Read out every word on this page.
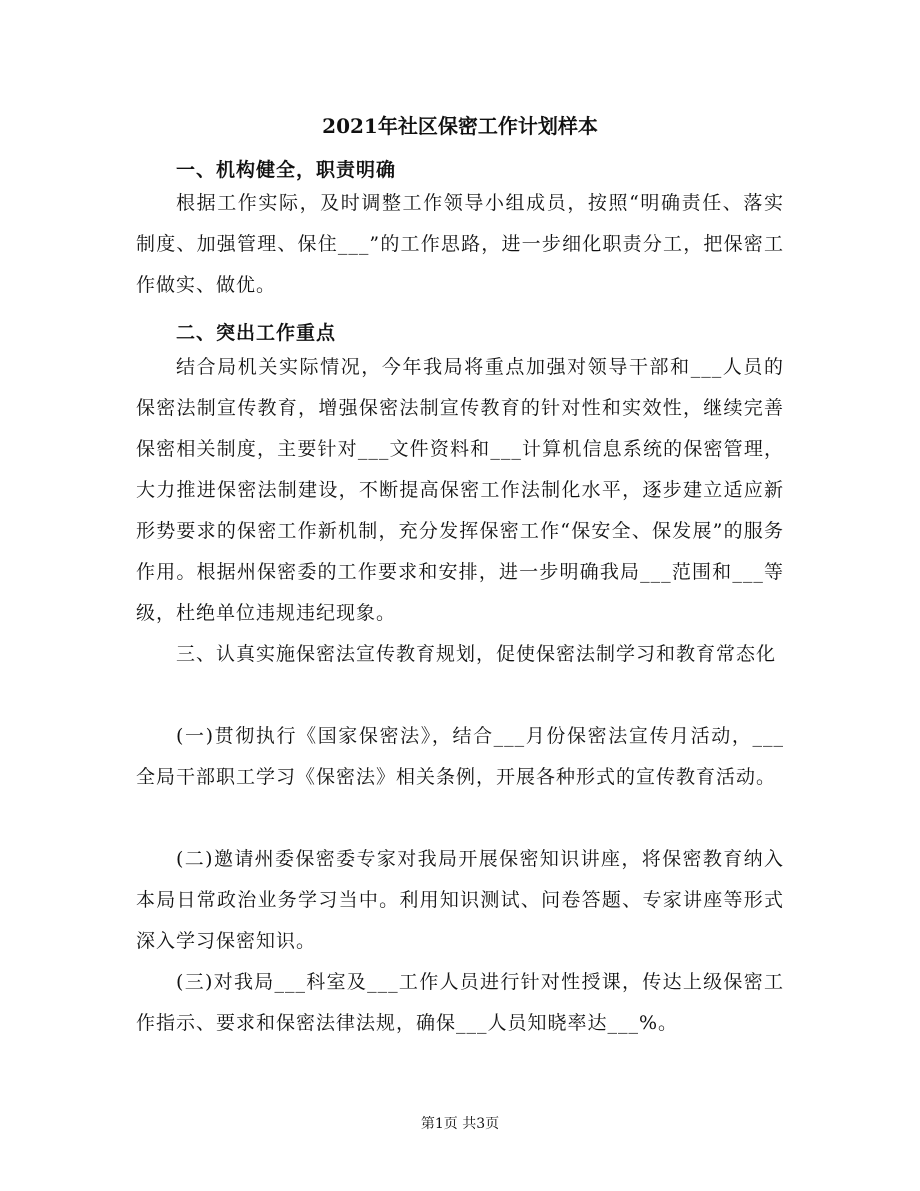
2021年社区保密工作计划样本
一、机构健全，职责明确

根据工作实际，及时调整工作领导小组成员，按照“明确责任、落实制度、加强管理、保住___”的工作思路，进一步细化职责分工，把保密工作做实、做优。

二、突出工作重点

结合局机关实际情况，今年我局将重点加强对领导干部和___人员的保密法制宣传教育，增强保密法制宣传教育的针对性和实效性，继续完善保密相关制度，主要针对___文件资料和___计算机信息系统的保密管理，大力推进保密法制建设，不断提高保密工作法制化水平，逐步建立适应新形势要求的保密工作新机制，充分发挥保密工作“保安全、保发展”的服务作用。根据州保密委的工作要求和安排，进一步明确我局___范围和___等级，杜绝单位违规违纪现象。

三、认真实施保密法宣传教育规划，促使保密法制学习和教育常态化

(一)贯彻执行《国家保密法》，结合___月份保密法宣传月活动，___全局干部职工学习《保密法》相关条例，开展各种形式的宣传教育活动。

(二)邀请州委保密委专家对我局开展保密知识讲座，将保密教育纳入本局日常政治业务学习当中。利用知识测试、问卷答题、专家讲座等形式深入学习保密知识。

(三)对我局___科室及___工作人员进行针对性授课，传达上级保密工作指示、要求和保密法律法规，确保___人员知晓率达___%。

第1页 共3页
